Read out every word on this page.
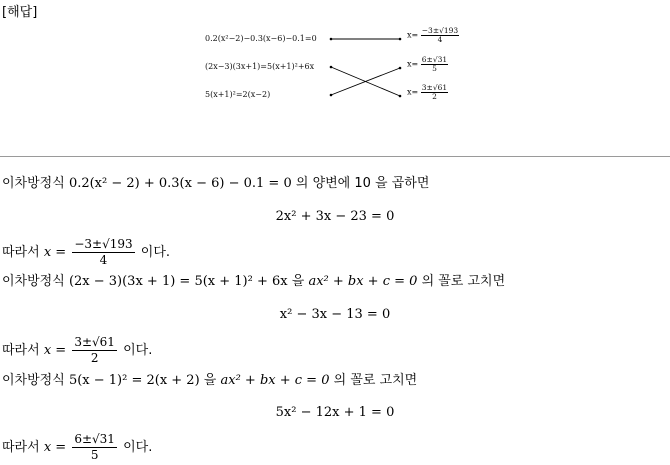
[해답]
0.2(x²−2)−0.3(x−6)−0.1=0
(2x−3)(3x+1)=5(x+1)²+6x
5(x+1)²=2(x−2)
$x= \frac{-3\pm√193}{4}$
$x= \frac{6\pm√31}{5}$
$x= \frac{3\pm√61}{2}$
이차방정식 0.2(x² − 2) + 0.3(x − 6) − 0.1 = 0 의 양변에 10 을 곱하면
2x² + 3x − 23 = 0
따라서 $x = \frac{-3\pm√193}{4}$ 이다.
이차방정식 (2x − 3)(3x + 1) = 5(x + 1)² + 6x 을 ax² + bx + c = 0 의 꼴로 고치면
x² − 3x − 13 = 0
따라서 $x = \frac{3\pm√61}{2}$ 이다.
이차방정식 5(x − 1)² = 2(x + 2) 을 ax² + bx + c = 0 의 꼴로 고치면
5x² − 12x + 1 = 0
따라서 $x = \frac{6\pm√31}{5}$ 이다.
